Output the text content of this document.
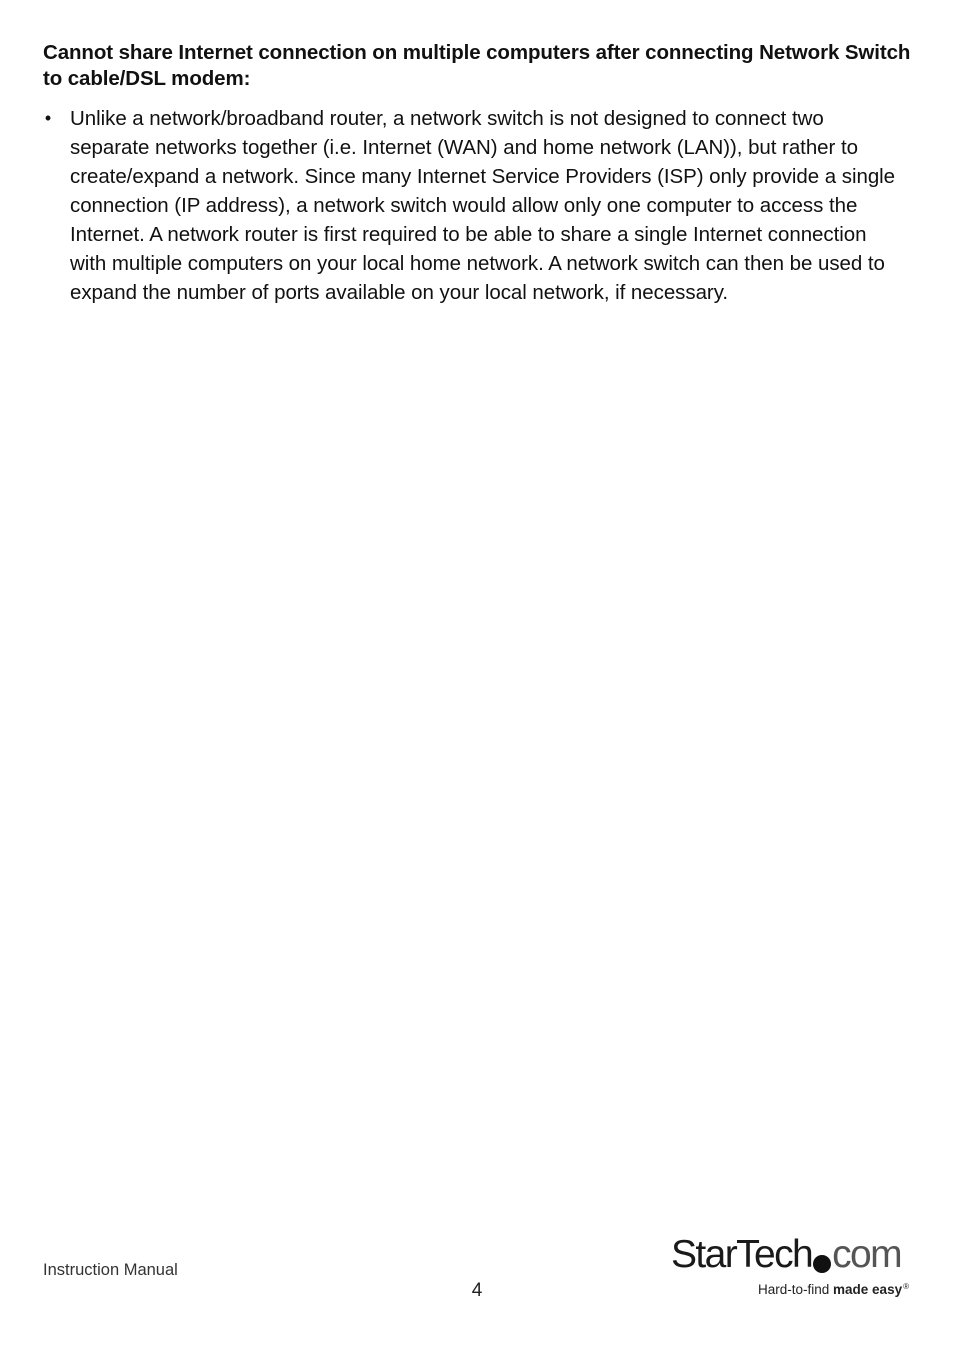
Cannot share Internet connection on multiple computers after connecting Network Switch to cable/DSL modem:
• Unlike a network/broadband router, a network switch is not designed to connect two separate networks together (i.e. Internet (WAN) and home network (LAN)), but rather to create/expand a network. Since many Internet Service Providers (ISP) only provide a single connection (IP address), a network switch would allow only one computer to access the Internet. A network router is first required to be able to share a single Internet connection with multiple computers on your local home network. A network switch can then be used to expand the number of ports available on your local network, if necessary.
Instruction Manual
4
StarTech com
Hard-to-find made easy®
